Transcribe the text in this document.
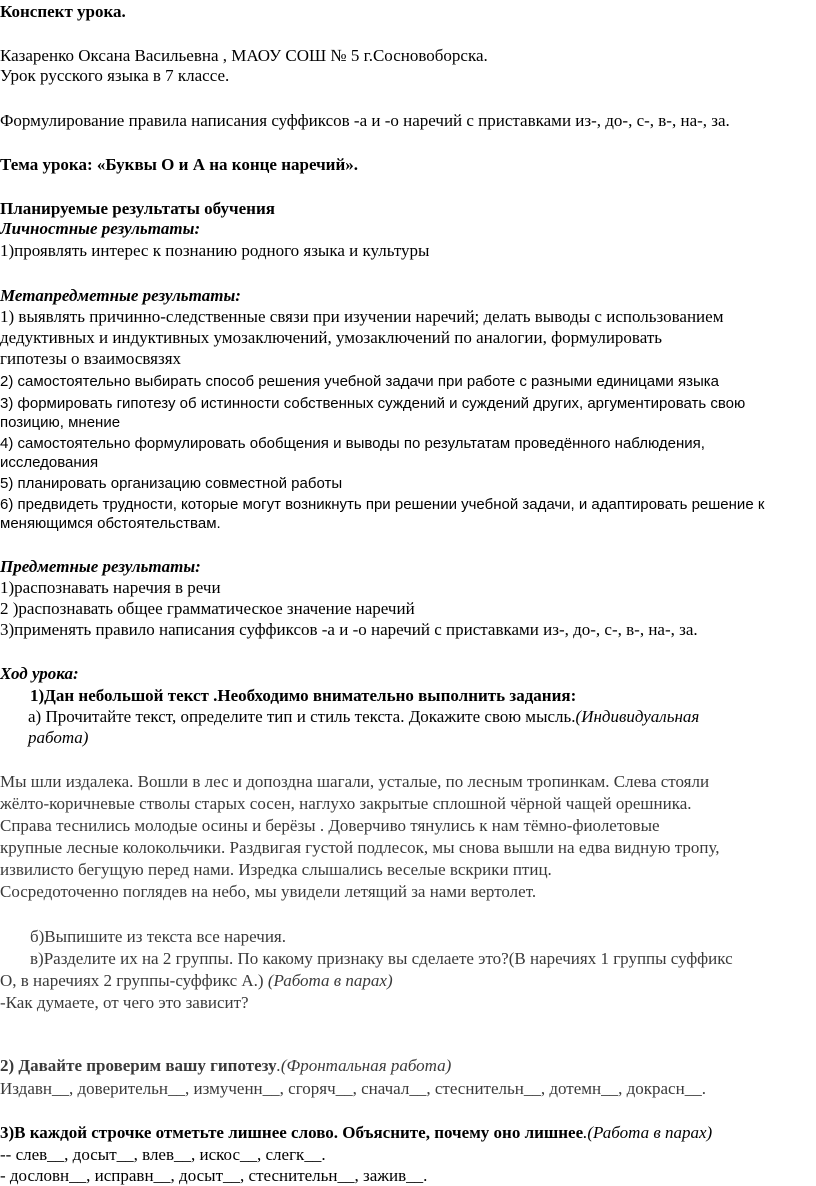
Конспект урока.
Казаренко Оксана Васильевна , МАОУ СОШ № 5 г.Сосновоборска.
Урок русского языка в 7 классе.
Формулирование правила написания суффиксов -а и -о наречий с приставками из-, до-, с-, в-, на-, за.
Тема урока: «Буквы О и А на конце наречий».
Планируемые результаты обучения
Личностные результаты:
1)проявлять интерес к познанию родного языка и культуры
Метапредметные результаты:
1) выявлять причинно-следственные связи при изучении наречий; делать выводы с использованием
дедуктивных и индуктивных умозаключений, умозаключений по аналогии, формулировать
гипотезы о взаимосвязях
2) самостоятельно выбирать способ решения учебной задачи при работе с разными единицами языка
3) формировать гипотезу об истинности собственных суждений и суждений других, аргументировать свою
позицию, мнение
4) самостоятельно формулировать обобщения и выводы по результатам проведённого наблюдения,
исследования
5) планировать организацию совместной работы
6) предвидеть трудности, которые могут возникнуть при решении учебной задачи, и адаптировать решение к
меняющимся обстоятельствам.
Предметные результаты:
1)распознавать наречия в речи
2 )распознавать общее грамматическое значение наречий
3)применять правило написания суффиксов -а и -о наречий с приставками из-, до-, с-, в-, на-, за.
Ход урока:
1)Дан небольшой текст .Необходимо внимательно выполнить задания:
а) Прочитайте текст, определите тип и стиль текста. Докажите свою мысль.(Индивидуальная
работа)
Мы шли издалека. Вошли в лес и допоздна шагали, усталые, по лесным тропинкам. Слева стояли
жёлто-коричневые стволы старых сосен, наглухо закрытые сплошной чёрной чащей орешника.
Справа теснились молодые осины и берёзы . Доверчиво тянулись к нам тёмно-фиолетовые
крупные лесные колокольчики. Раздвигая густой подлесок, мы снова вышли на едва видную тропу,
извилисто бегущую перед нами. Изредка слышались веселые вскрики птиц.
Сосредоточенно поглядев на небо, мы увидели летящий за нами вертолет.
б)Выпишите из текста все наречия.
в)Разделите их на 2 группы. По какому признаку вы сделаете это?(В наречиях 1 группы суффикс
О, в наречиях 2 группы-суффикс А.) (Работа в парах)
-Как думаете, от чего это зависит?
2) Давайте проверим вашу гипотезу.(Фронтальная работа)
Издавн__, доверительн__, измученн__, сгоряч__, сначал__, стеснительн__, дотемн__, докрасн__.
3)В каждой строчке отметьте лишнее слово. Объясните, почему оно лишнее.(Работа в парах)
-- слев__, досыт__, влев__, искос__, слегк__.
- дословн__, исправн__, досыт__, стеснительн__, зажив__.
